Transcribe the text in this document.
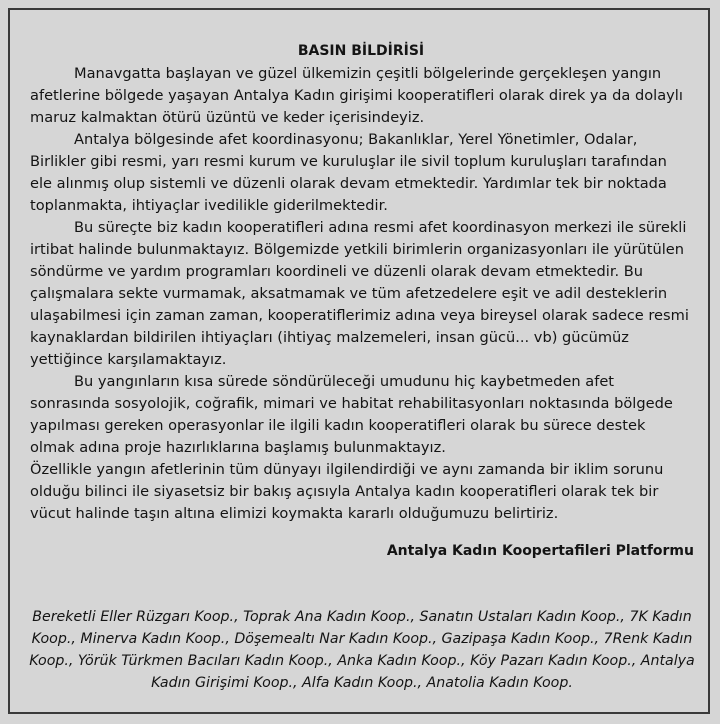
BASIN BİLDİRİSİ

Manavgatta başlayan ve güzel ülkemizin çeşitli bölgelerinde gerçekleşen yangın afetlerine bölgede yaşayan Antalya Kadın girişimi kooperatifleri olarak direk ya da dolaylı maruz kalmaktan ötürü üzüntü ve keder içerisindeyiz.

Antalya bölgesinde afet koordinasyonu; Bakanlıklar, Yerel Yönetimler, Odalar, Birlikler gibi resmi, yarı resmi kurum ve kuruluşlar ile sivil toplum kuruluşları tarafından ele alınmış olup sistemli ve düzenli olarak devam etmektedir. Yardımlar tek bir noktada toplanmakta, ihtiyaçlar ivedilikle giderilmektedir.

Bu süreçte biz kadın kooperatifleri adına resmi afet koordinasyon merkezi ile sürekli irtibat halinde bulunmaktayız. Bölgemizde yetkili birimlerin organizasyonları ile yürütülen söndürme ve yardım programları koordineli ve düzenli olarak devam etmektedir. Bu çalışmalara sekte vurmamak, aksatmamak ve tüm afetzedelere eşit ve adil desteklerin ulaşabilmesi için zaman zaman, kooperatiflerimiz adına veya bireysel olarak sadece resmi kaynaklardan bildirilen ihtiyaçları (ihtiyaç malzemeleri, insan gücü... vb) gücümüz yettiğince karşılamaktayız.

Bu yangınların kısa sürede söndürüleceği umudunu hiç kaybetmeden afet sonrasında sosyolojik, coğrafik, mimari ve habitat rehabilitasyonları noktasında bölgede yapılması gereken operasyonlar ile ilgili kadın kooperatifleri olarak bu sürece destek olmak adına proje hazırlıklarına başlamış bulunmaktayız.

Özellikle yangın afetlerinin tüm dünyayı ilgilendirdiği ve aynı zamanda bir iklim sorunu olduğu bilinci ile siyasetsiz bir bakış açısıyla Antalya kadın kooperatifleri olarak tek bir vücut halinde taşın altına elimizi koymakta kararlı olduğumuzu belirtiriz.

Antalya Kadın Koopertafileri Platformu
Bereketli Eller Rüzgarı Koop., Toprak Ana Kadın Koop., Sanatın Ustaları Kadın Koop., 7K Kadın Koop., Minerva Kadın Koop., Döşemealtı Nar Kadın Koop., Gazipaşa Kadın Koop., 7Renk Kadın Koop., Yörük Türkmen Bacıları Kadın Koop., Anka Kadın Koop., Köy Pazarı Kadın Koop., Antalya Kadın Girişimi Koop., Alfa Kadın Koop., Anatolia Kadın Koop.
